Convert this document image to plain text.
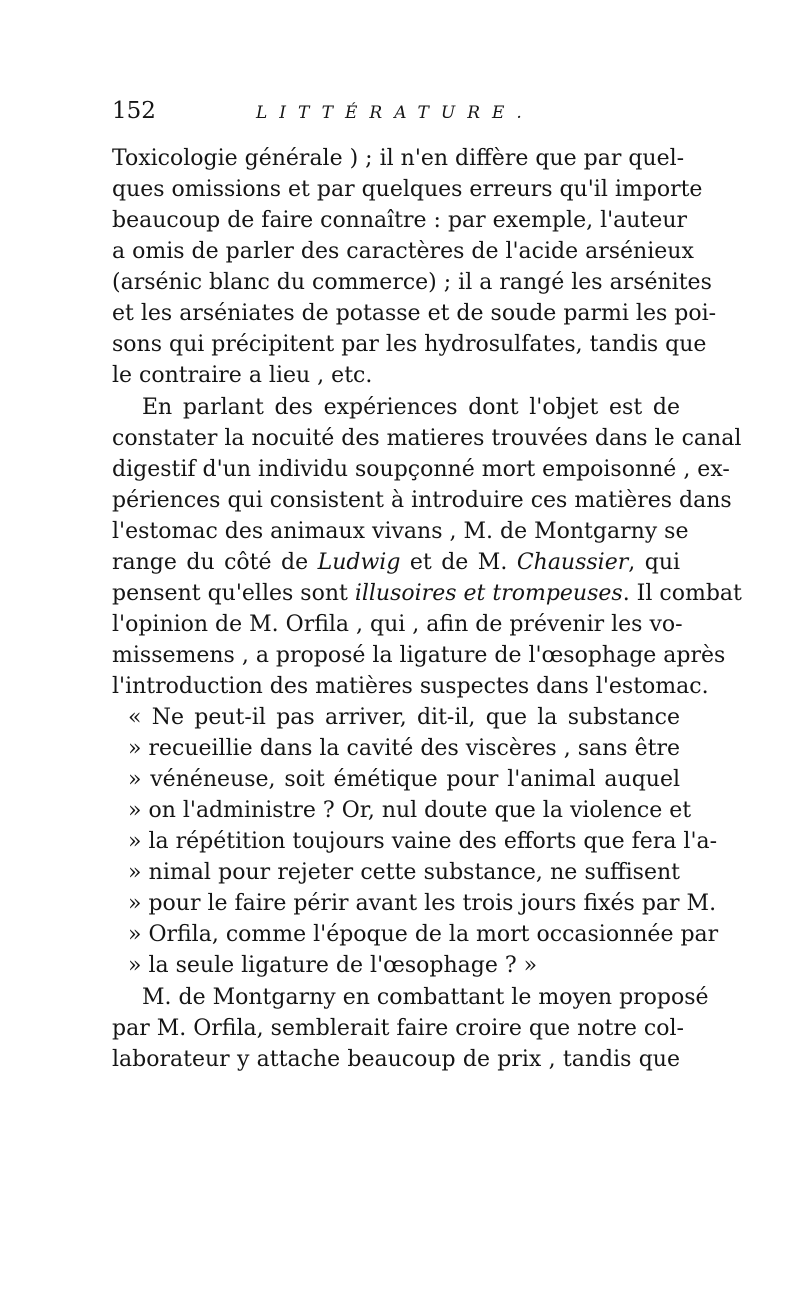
152	LITTÉRATURE.
Toxicologie générale ) ; il n'en diffère que par quel-
ques omissions et par quelques erreurs qu'il importe
beaucoup de faire connaître : par exemple, l'auteur
a omis de parler des caractères de l'acide arsénieux
(arsénic blanc du commerce) ; il a rangé les arsénites
et les arséniates de potasse et de soude parmi les poi-
sons qui précipitent par les hydrosulfates, tandis que
le contraire a lieu , etc.
En parlant des expériences dont l'objet est de
constater la nocuité des matieres trouvées dans le canal
digestif d'un individu soupçonné mort empoisonné , ex-
périences qui consistent à introduire ces matières dans
l'estomac des animaux vivans , M. de Montgarny se
range du côté de Ludwig et de M. Chaussier, qui
pensent qu'elles sont illusoires et trompeuses. Il combat
l'opinion de M. Orfila , qui , afin de prévenir les vo-
missemens , a proposé la ligature de l'œsophage après
l'introduction des matières suspectes dans l'estomac.
« Ne peut-il pas arriver, dit-il, que la substance
» recueillie dans la cavité des viscères , sans être
» vénéneuse, soit émétique pour l'animal auquel
» on l'administre ? Or, nul doute que la violence et
» la répétition toujours vaine des efforts que fera l'a-
» nimal pour rejeter cette substance, ne suffisent
» pour le faire périr avant les trois jours fixés par M.
» Orfila, comme l'époque de la mort occasionnée par
» la seule ligature de l'œsophage ? »
M. de Montgarny en combattant le moyen proposé
par M. Orfila, semblerait faire croire que notre col-
laborateur y attache beaucoup de prix , tandis que
